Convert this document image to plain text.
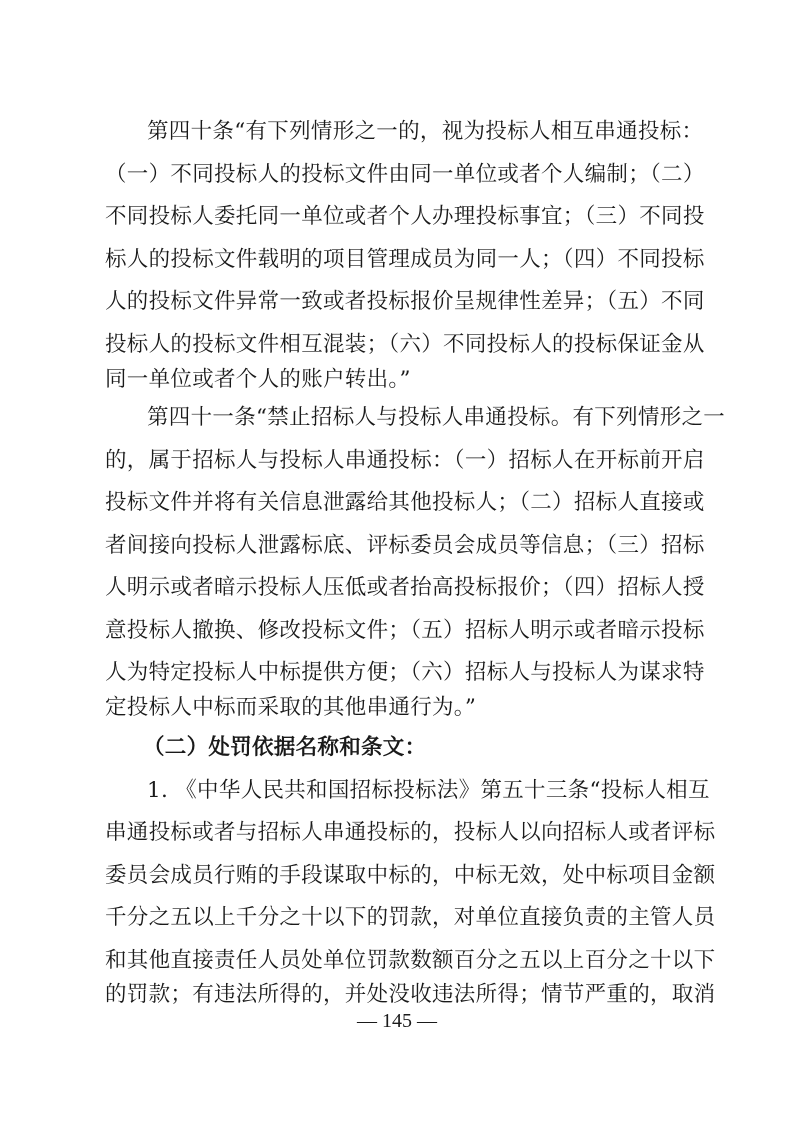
第四十条“有下列情形之一的，视为投标人相互串通投标：
（一）不同投标人的投标文件由同一单位或者个人编制；（二）
不同投标人委托同一单位或者个人办理投标事宜；（三）不同投
标人的投标文件载明的项目管理成员为同一人；（四）不同投标
人的投标文件异常一致或者投标报价呈规律性差异；（五）不同
投标人的投标文件相互混装；（六）不同投标人的投标保证金从
同一单位或者个人的账户转出。”
第四十一条“禁止招标人与投标人串通投标。有下列情形之一
的，属于招标人与投标人串通投标：（一）招标人在开标前开启
投标文件并将有关信息泄露给其他投标人；（二）招标人直接或
者间接向投标人泄露标底、评标委员会成员等信息；（三）招标
人明示或者暗示投标人压低或者抬高投标报价；（四）招标人授
意投标人撤换、修改投标文件；（五）招标人明示或者暗示投标
人为特定投标人中标提供方便；（六）招标人与投标人为谋求特
定投标人中标而采取的其他串通行为。”
（二）处罚依据名称和条文：
1. 《中华人民共和国招标投标法》第五十三条“投标人相互
串通投标或者与招标人串通投标的，投标人以向招标人或者评标
委员会成员行贿的手段谋取中标的，中标无效，处中标项目金额
千分之五以上千分之十以下的罚款，对单位直接负责的主管人员
和其他直接责任人员处单位罚款数额百分之五以上百分之十以下
的罚款；有违法所得的，并处没收违法所得；情节严重的，取消
— 145 —
